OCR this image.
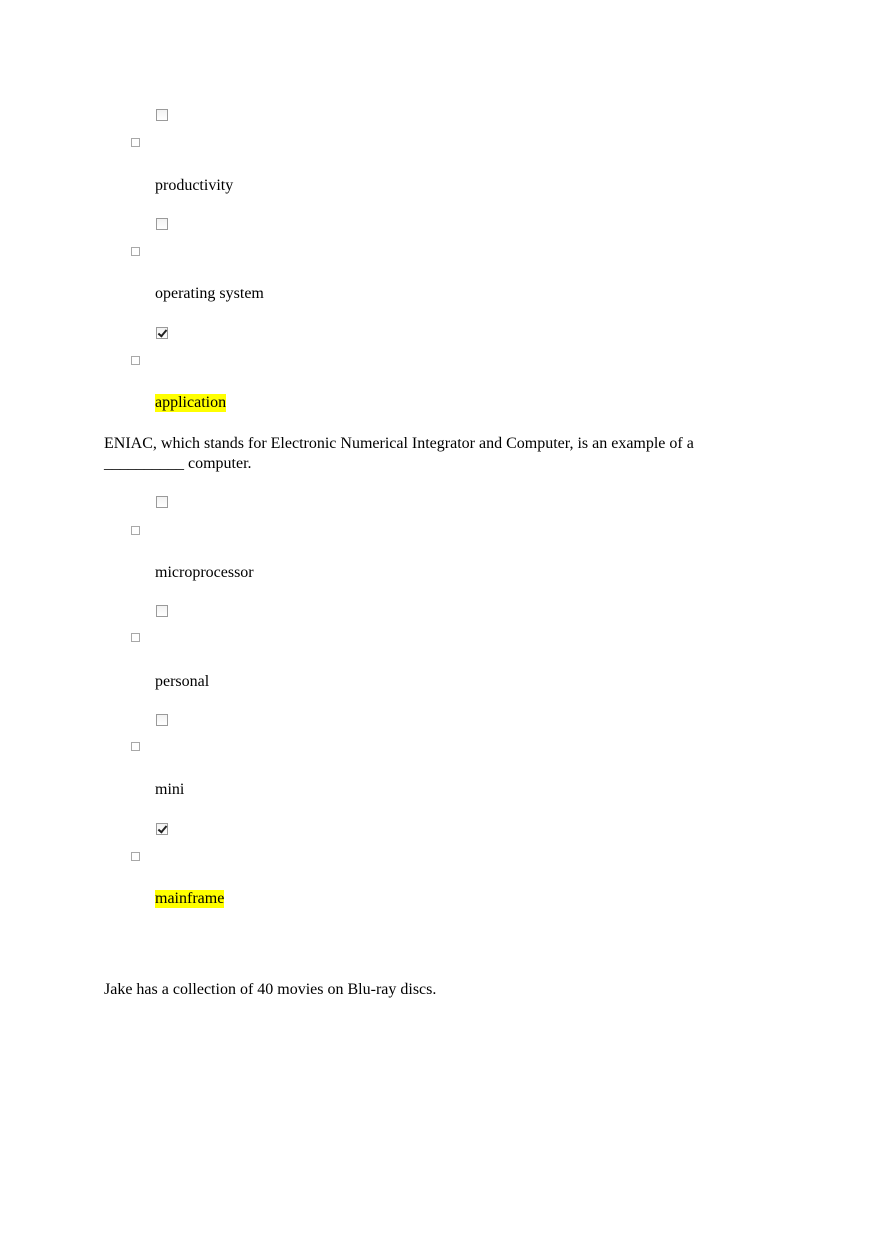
productivity
operating system
application
ENIAC, which stands for Electronic Numerical Integrator and Computer, is an example of a __________ computer.
microprocessor
personal
mini
mainframe
Jake has a collection of 40 movies on Blu-ray discs.
